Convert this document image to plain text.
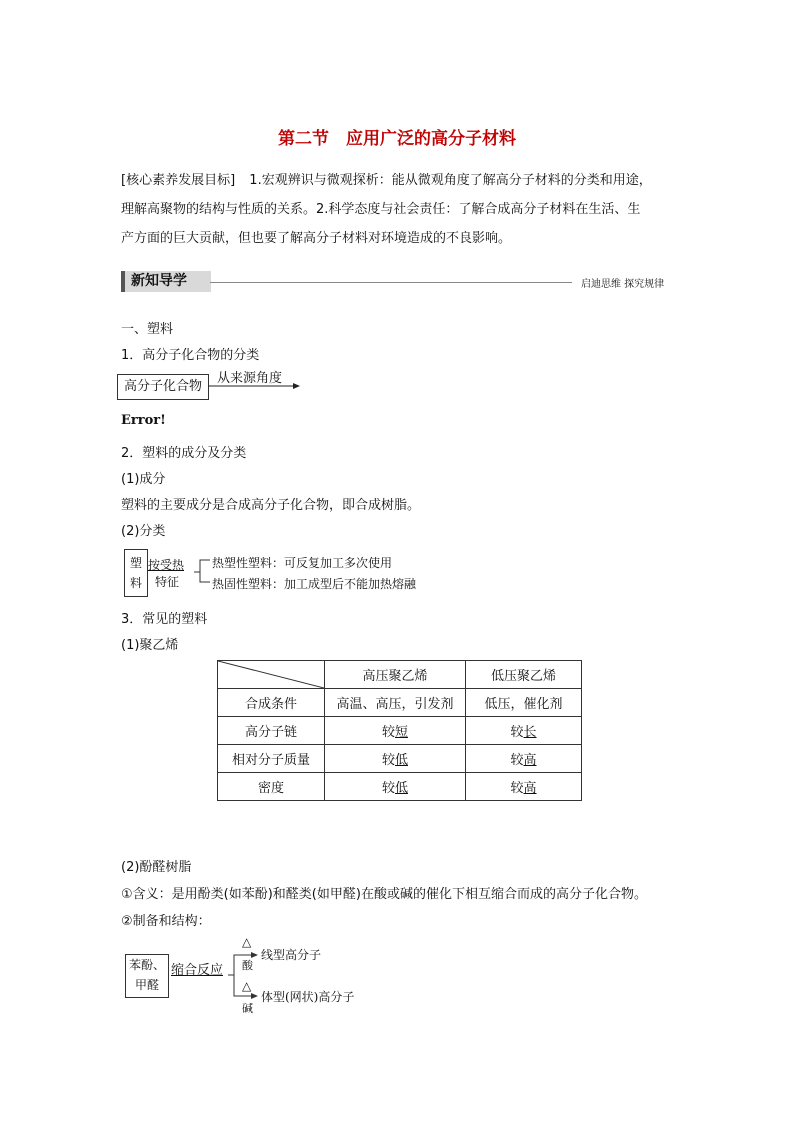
第二节　应用广泛的高分子材料
[核心素养发展目标] 1.宏观辨识与微观探析：能从微观角度了解高分子材料的分类和用途，
理解高聚物的结构与性质的关系。2.科学态度与社会责任：了解合成高分子材料在生活、生
产方面的巨大贡献，但也要了解高分子材料对环境造成的不良影响。
新知导学	启迪思维 探究规律
一、塑料
1．高分子化合物的分类
高分子化合物
从来源角度
Error!
2．塑料的成分及分类
(1)成分
塑料的主要成分是合成高分子化合物，即合成树脂。
(2)分类
塑料
按受热
特征
热塑性塑料：可反复加工多次使用
热固性塑料：加工成型后不能加热熔融
3．常见的塑料
(1)聚乙烯
	高压聚乙烯	低压聚乙烯
合成条件	高温、高压，引发剂	低压，催化剂
高分子链	较短	较长
相对分子质量	较低	较高
密度	较低	较高
(2)酚醛树脂
①含义：是用酚类(如苯酚)和醛类(如甲醛)在酸或碱的催化下相互缩合而成的高分子化合物。
②制备和结构：
苯酚、
甲醛
缩合反应
△
酸
线型高分子
△
碱
体型(网状)高分子
